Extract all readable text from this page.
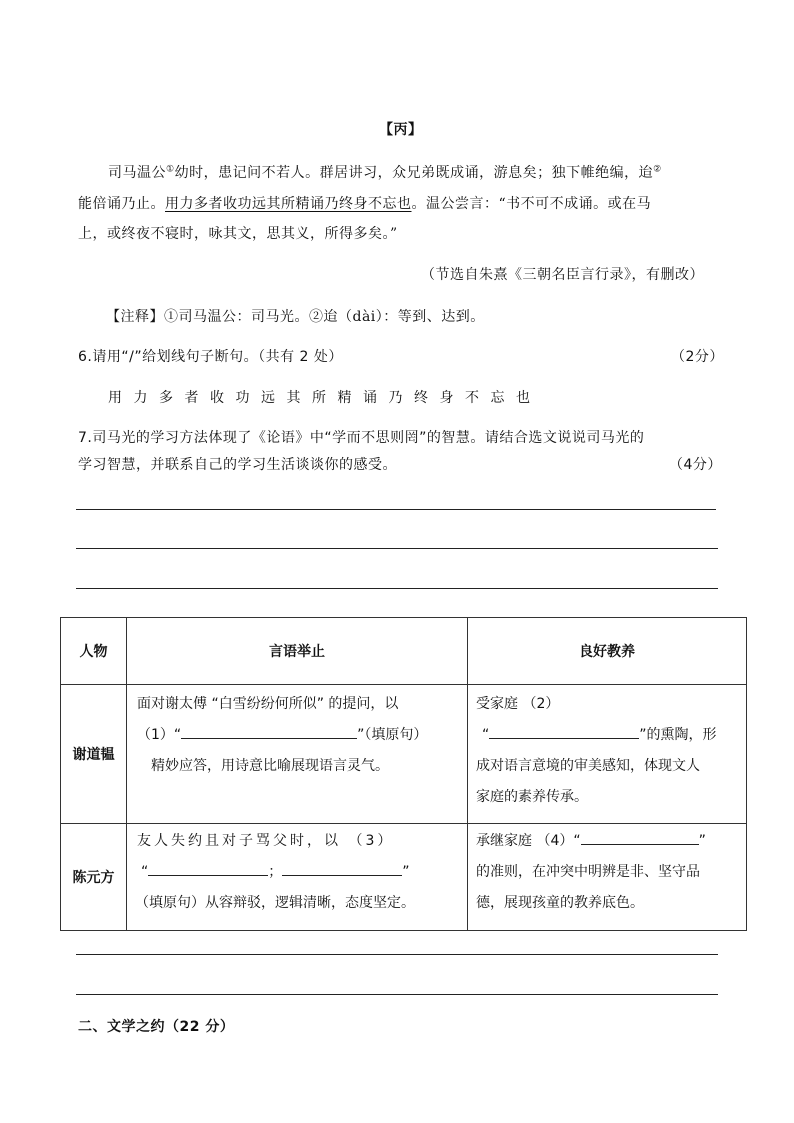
【丙】
司马温公①幼时，患记问不若人。群居讲习，众兄弟既成诵，游息矣；独下帷绝编，迨②
能倍诵乃止。用力多者收功远其所精诵乃终身不忘也。温公尝言：“书不可不成诵。或在马
上，或终夜不寝时，咏其文，思其义，所得多矣。”
（节选自朱熹《三朝名臣言行录》，有删改）
【注释】①司马温公：司马光。②迨（dài）：等到、达到。
6.请用“/”给划线句子断句。（共有 2 处）	（2分）
用力多者收功远其所精诵乃终身不忘也
7.司马光的学习方法体现了《论语》中“学而不思则罔”的智慧。请结合选文说说司马光的
学习智慧，并联系自己的学习生活谈谈你的感受。	（4分）
人物	言语举止	良好教养
谢道韫	面对谢太傅 “白雪纷纷何所似” 的提问，以
（1）“ ”（填原句）
精妙应答，用诗意比喻展现语言灵气。	受家庭 （2）
“ ”的熏陶，形
成对语言意境的审美感知，体现文人
家庭的素养传承。

陈元方	友人失约且对子骂父时，以 （3）
“ ； ”
（填原句）从容辩驳，逻辑清晰，态度坚定。	承继家庭 （4）“ ”
的准则，在冲突中明辨是非、坚守品
德，展现孩童的教养底色。
二、文学之约（22 分）
